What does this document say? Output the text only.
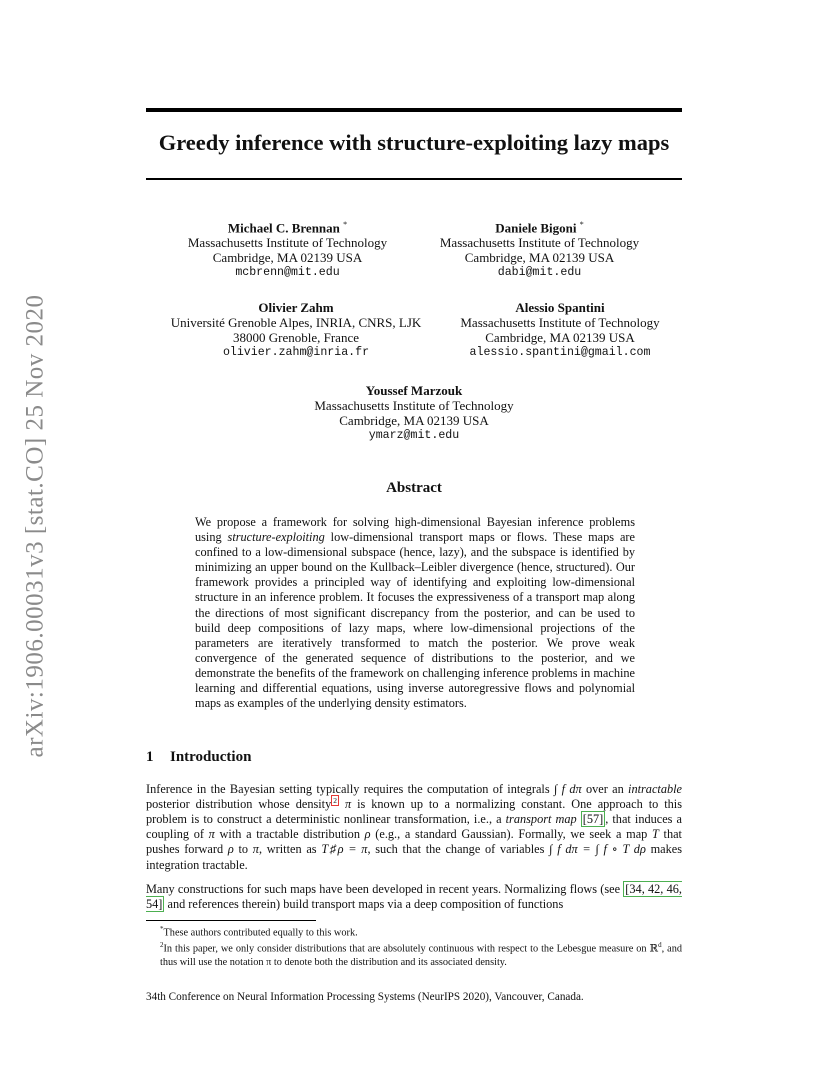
arXiv:1906.00031v3 [stat.CO] 25 Nov 2020
Greedy inference with structure-exploiting lazy maps
Michael C. Brennan *
Massachusetts Institute of Technology
Cambridge, MA 02139 USA
mcbrenn@mit.edu
Daniele Bigoni *
Massachusetts Institute of Technology
Cambridge, MA 02139 USA
dabi@mit.edu
Olivier Zahm
Université Grenoble Alpes, INRIA, CNRS, LJK
38000 Grenoble, France
olivier.zahm@inria.fr
Alessio Spantini
Massachusetts Institute of Technology
Cambridge, MA 02139 USA
alessio.spantini@gmail.com
Youssef Marzouk
Massachusetts Institute of Technology
Cambridge, MA 02139 USA
ymarz@mit.edu
Abstract

We propose a framework for solving high-dimensional Bayesian inference problems using structure-exploiting low-dimensional transport maps or flows. These maps are confined to a low-dimensional subspace (hence, lazy), and the subspace is identified by minimizing an upper bound on the Kullback–Leibler divergence (hence, structured). Our framework provides a principled way of identifying and exploiting low-dimensional structure in an inference problem. It focuses the expressiveness of a transport map along the directions of most significant discrepancy from the posterior, and can be used to build deep compositions of lazy maps, where low-dimensional projections of the parameters are iteratively transformed to match the posterior. We prove weak convergence of the generated sequence of distributions to the posterior, and we demonstrate the benefits of the framework on challenging inference problems in machine learning and differential equations, using inverse autoregressive flows and polynomial maps as examples of the underlying density estimators.

1 Introduction

Inference in the Bayesian setting typically requires the computation of integrals ∫ f dπ over an intractable posterior distribution whose density $^2$ π is known up to a normalizing constant. One approach to this problem is to construct a deterministic nonlinear transformation, i.e., a transport map [57] , that induces a coupling of π with a tractable distribution ρ (e.g., a standard Gaussian). Formally, we seek a map T that pushes forward ρ to π, written as T♯ρ = π, such that the change of variables ∫ f dπ = ∫ f ∘ T dρ makes integration tractable.

Many constructions for such maps have been developed in recent years. Normalizing flows (see [34, 42, 46, 54] and references therein) build transport maps via a deep composition of functions

*These authors contributed equally to this work.

$^2$In this paper, we only consider distributions that are absolutely continuous with respect to the Lebesgue measure on ℝ$^d$, and thus will use the notation π to denote both the distribution and its associated density.

34th Conference on Neural Information Processing Systems (NeurIPS 2020), Vancouver, Canada.
